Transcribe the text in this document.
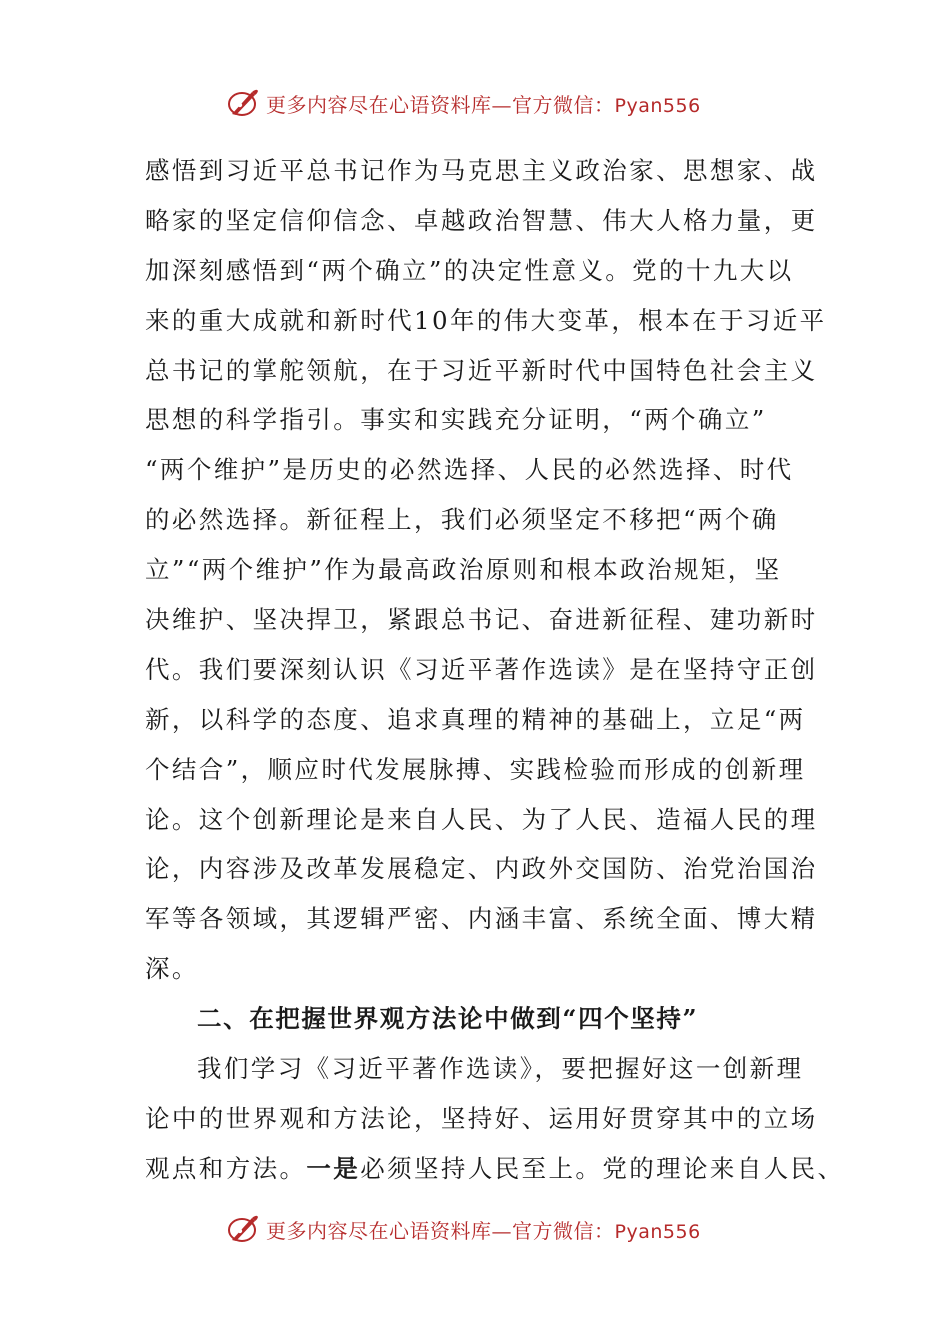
更多内容尽在心语资料库—官方微信：Pyan556
感悟到习近平总书记作为马克思主义政治家、思想家、战
略家的坚定信仰信念、卓越政治智慧、伟大人格力量，更
加深刻感悟到“两个确立”的决定性意义。党的十九大以
来的重大成就和新时代10年的伟大变革，根本在于习近平
总书记的掌舵领航，在于习近平新时代中国特色社会主义
思想的科学指引。事实和实践充分证明，“两个确立”
“两个维护”是历史的必然选择、人民的必然选择、时代
的必然选择。新征程上，我们必须坚定不移把“两个确
立”“两个维护”作为最高政治原则和根本政治规矩，坚
决维护、坚决捍卫，紧跟总书记、奋进新征程、建功新时
代。我们要深刻认识《习近平著作选读》是在坚持守正创
新，以科学的态度、追求真理的精神的基础上，立足“两
个结合”，顺应时代发展脉搏、实践检验而形成的创新理
论。这个创新理论是来自人民、为了人民、造福人民的理
论，内容涉及改革发展稳定、内政外交国防、治党治国治
军等各领域，其逻辑严密、内涵丰富、系统全面、博大精
深。
二、在把握世界观方法论中做到“四个坚持”
我们学习《习近平著作选读》，要把握好这一创新理
论中的世界观和方法论，坚持好、运用好贯穿其中的立场
观点和方法。一是必须坚持人民至上。党的理论来自人民、
更多内容尽在心语资料库—官方微信：Pyan556
